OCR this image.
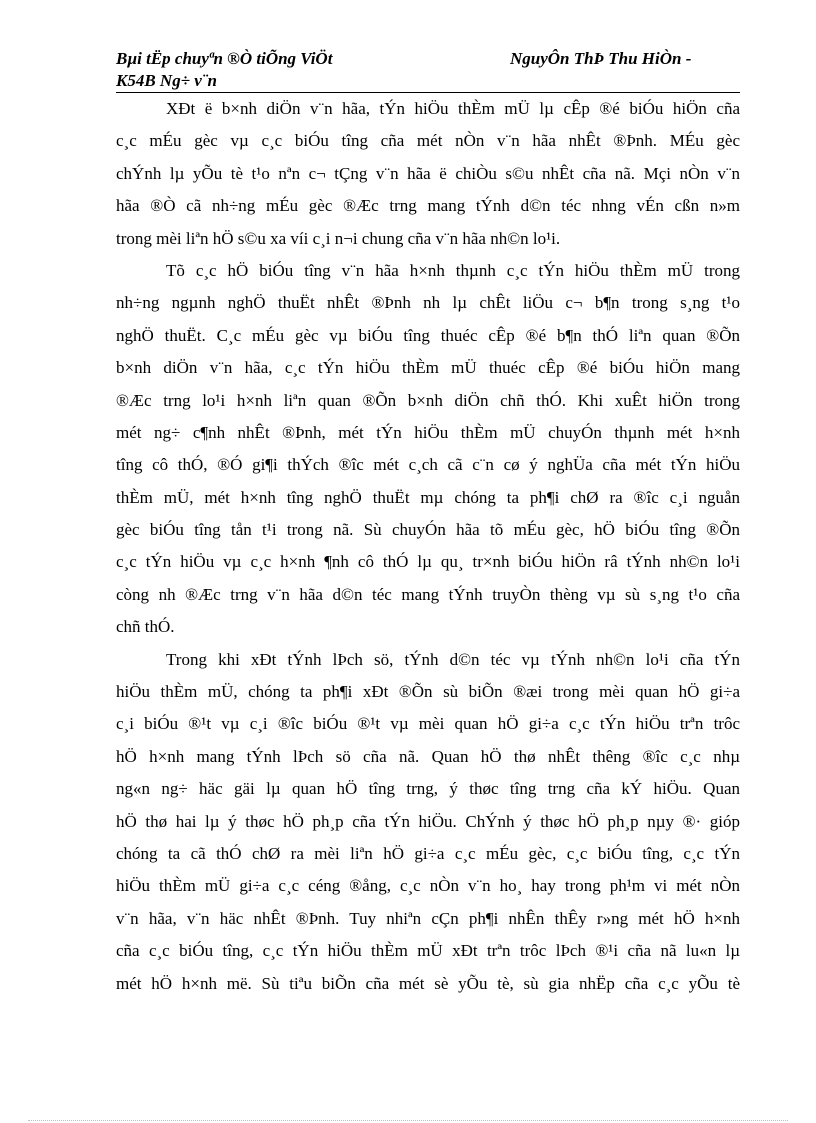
Bµi tËp chuyªn ®Ò tiÕng ViÖt	NguyÔn ThÞ Thu HiÒn -
K54B Ng÷ v¨n
XÐt ë b×nh diÖn v¨n hãa, tÝn hiÖu thÈm mÜ lµ cÊp ®é biÓu hiÖn cña
c¸c mÉu gèc vµ c¸c biÓu tîng cña mét nÒn v¨n hãa nhÊt ®Þnh. MÉu gèc
chÝnh lµ yÕu tè t¹o nªn c¬ tÇng v¨n hãa ë chiÒu s©u nhÊt cña nã. Mçi nÒn v¨n
hãa ®Ò cã nh÷ng mÉu gèc ®Æc trng mang tÝnh d©n téc nhng vÉn cßn n»m
trong mèi liªn hÖ s©u xa víi c¸i n¬i chung cña v¨n hãa nh©n lo¹i.
Tõ c¸c hÖ biÓu tîng v¨n hãa h×nh thµnh c¸c tÝn hiÖu thÈm mÜ trong
nh÷ng ngµnh nghÖ thuËt nhÊt ®Þnh nh lµ chÊt liÖu c¬ b¶n trong s¸ng t¹o
nghÖ thuËt. C¸c mÉu gèc vµ biÓu tîng thuéc cÊp ®é b¶n thÓ liªn quan ®Õn
b×nh diÖn v¨n hãa, c¸c tÝn hiÖu thÈm mÜ thuéc cÊp ®é biÓu hiÖn mang
®Æc trng lo¹i h×nh liªn quan ®Õn b×nh diÖn chñ thÓ. Khi xuÊt hiÖn trong
mét ng÷ c¶nh nhÊt ®Þnh, mét tÝn hiÖu thÈm mÜ chuyÓn thµnh mét h×nh
tîng cô thÓ, ®Ó gi¶i thÝch ®îc mét c¸ch cã c¨n cø ý nghÜa cña mét tÝn hiÖu
thÈm mÜ, mét h×nh tîng nghÖ thuËt mµ chóng ta ph¶i chØ ra ®îc c¸i nguån
gèc biÓu tîng tån t¹i trong nã. Sù chuyÓn hãa tõ mÉu gèc, hÖ biÓu tîng ®Õn
c¸c tÝn hiÖu vµ c¸c h×nh ¶nh cô thÓ lµ qu¸ tr×nh biÓu hiÖn râ tÝnh nh©n lo¹i
còng nh ®Æc trng v¨n hãa d©n téc mang tÝnh truyÒn thèng vµ sù s¸ng t¹o cña
chñ thÓ.
Trong khi xÐt tÝnh lÞch sö, tÝnh d©n téc vµ tÝnh nh©n lo¹i cña tÝn
hiÖu thÈm mÜ, chóng ta ph¶i xÐt ®Õn sù biÕn ®æi trong mèi quan hÖ gi÷a
c¸i biÓu ®¹t vµ c¸i ®îc biÓu ®¹t vµ mèi quan hÖ gi÷a c¸c tÝn hiÖu trªn trôc
hÖ h×nh mang tÝnh lÞch sö cña nã. Quan hÖ thø nhÊt thêng ®îc c¸c nhµ
ng«n ng÷ häc gäi lµ quan hÖ tîng trng, ý thøc tîng trng cña kÝ hiÖu. Quan
hÖ thø hai lµ ý thøc hÖ ph¸p cña tÝn hiÖu. ChÝnh ý thøc hÖ ph¸p nµy ®· gióp
chóng ta cã thÓ chØ ra mèi liªn hÖ gi÷a c¸c mÉu gèc, c¸c biÓu tîng, c¸c tÝn
hiÖu thÈm mÜ gi÷a c¸c céng ®ång, c¸c nÒn v¨n ho¸ hay trong ph¹m vi mét nÒn
v¨n hãa, v¨n häc nhÊt ®Þnh. Tuy nhiªn cÇn ph¶i nhÊn thÊy r»ng mét hÖ h×nh
cña c¸c biÓu tîng, c¸c tÝn hiÖu thÈm mÜ xÐt trªn trôc lÞch ®¹i cña nã lu«n lµ
mét hÖ h×nh më. Sù tiªu biÕn cña mét sè yÕu tè, sù gia nhËp cña c¸c yÕu tè
